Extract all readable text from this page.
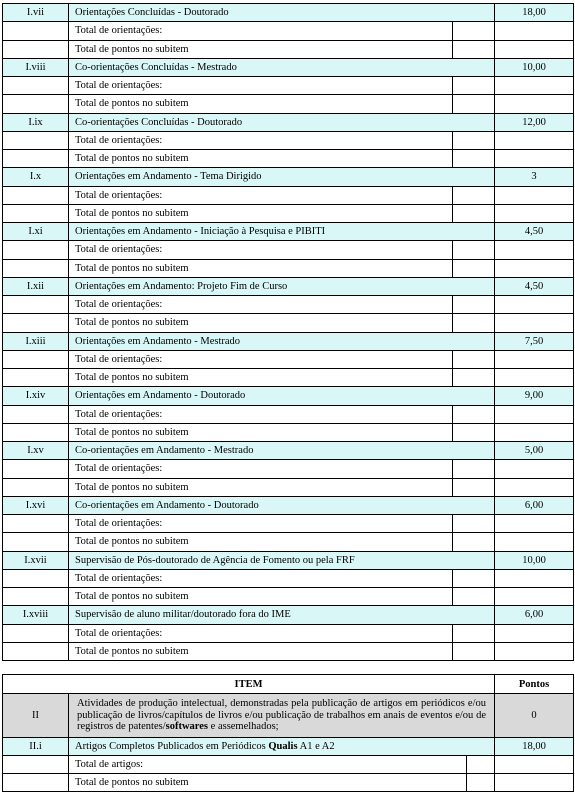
I.vii	Orientações Concluídas - Doutorado		18,00
	Total de orientações:		
	Total de pontos no subitem		
I.viii	Co-orientações Concluídas - Mestrado		10,00
	Total de orientações:		
	Total de pontos no subitem		
I.ix	Co-orientações Concluídas - Doutorado		12,00
	Total de orientações:		
	Total de pontos no subitem		
I.x	Orientações em Andamento - Tema Dirigido		3
	Total de orientações:		
	Total de pontos no subitem		
I.xi	Orientações em Andamento - Iniciação à Pesquisa e PIBITI		4,50
	Total de orientações:		
	Total de pontos no subitem		
I.xii	Orientações em Andamento: Projeto Fim de Curso		4,50
	Total de orientações:		
	Total de pontos no subitem		
I.xiii	Orientações em Andamento - Mestrado		7,50
	Total de orientações:		
	Total de pontos no subitem		
I.xiv	Orientações em Andamento - Doutorado		9,00
	Total de orientações:		
	Total de pontos no subitem		
I.xv	Co-orientações em Andamento - Mestrado		5,00
	Total de orientações:		
	Total de pontos no subitem		
I.xvi	Co-orientações em Andamento - Doutorado		6,00
	Total de orientações:		
	Total de pontos no subitem		
I.xvii	Supervisão de Pós-doutorado de Agência de Fomento ou pela FRF		10,00
	Total de orientações:		
	Total de pontos no subitem		
I.xviii	Supervisão de aluno militar/doutorado fora do IME		6,00
	Total de orientações:		
	Total de pontos no subitem		
ITEM			Pontos
II	Atividades de produção intelectual, demonstradas pela publicação de artigos em periódicos e/ou publicação de livros/capítulos de livros e/ou publicação de trabalhos em anais de eventos e/ou de registros de patentes/softwares e assemelhados;		0
II.i	Artigos Completos Publicados em Periódicos Qualis A1 e A2		18,00
	Total de artigos:		
	Total de pontos no subitem		
